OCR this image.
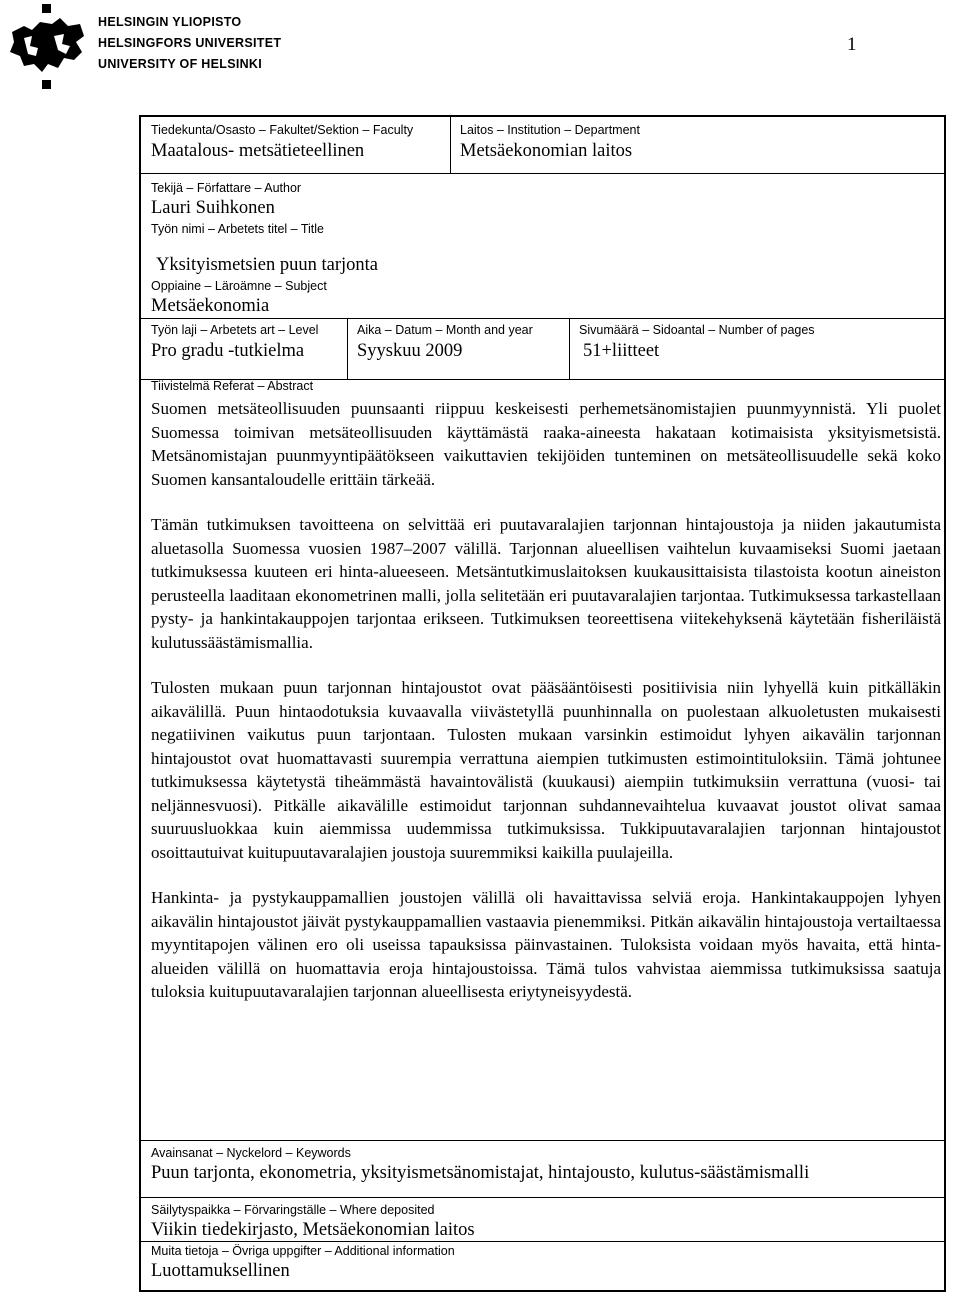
HELSINGIN YLIOPISTO
HELSINGFORS UNIVERSITET
UNIVERSITY OF HELSINKI
1
Tiedekunta/Osasto – Fakultet/Sektion – Faculty
Maatalous- metsätieteellinen
Laitos – Institution – Department
Metsäekonomian laitos
Tekijä – Författare – Author
Lauri Suihkonen
Työn nimi – Arbetets titel – Title
Yksityismetsien puun tarjonta
Oppiaine – Läroämne – Subject
Metsäekonomia
Työn laji – Arbetets art – Level
Pro gradu -tutkielma
Aika – Datum – Month and year
Syyskuu 2009
Sivumäärä – Sidoantal – Number of pages
51+liitteet
Tiivistelmä Referat – Abstract

Suomen metsäteollisuuden puunsaanti riippuu keskeisesti perhemetsänomistajien puunmyynnistä. Yli puolet Suomessa toimivan metsäteollisuuden käyttämästä raaka-aineesta hakataan kotimaisista yksityismetsistä. Metsänomistajan puunmyyntipäätökseen vaikuttavien tekijöiden tunteminen on metsäteollisuudelle sekä koko Suomen kansantaloudelle erittäin tärkeää.

Tämän tutkimuksen tavoitteena on selvittää eri puutavaralajien tarjonnan hintajoustoja ja niiden jakautumista aluetasolla Suomessa vuosien 1987–2007 välillä. Tarjonnan alueellisen vaihtelun kuvaamiseksi Suomi jaetaan tutkimuksessa kuuteen eri hinta-alueeseen. Metsäntutkimuslaitoksen kuukausittaisista tilastoista kootun aineiston perusteella laaditaan ekonometrinen malli, jolla selitetään eri puutavaralajien tarjontaa. Tutkimuksessa tarkastellaan pysty- ja hankintakauppojen tarjontaa erikseen. Tutkimuksen teoreettisena viitekehyksenä käytetään fisheriläistä kulutussäästämismallia.

Tulosten mukaan puun tarjonnan hintajoustot ovat pääsääntöisesti positiivisia niin lyhyellä kuin pitkälläkin aikavälillä. Puun hintaodotuksia kuvaavalla viivästetyllä puunhinnalla on puolestaan alkuoletusten mukaisesti negatiivinen vaikutus puun tarjontaan. Tulosten mukaan varsinkin estimoidut lyhyen aikavälin tarjonnan hintajoustot ovat huomattavasti suurempia verrattuna aiempien tutkimusten estimointituloksiin. Tämä johtunee tutkimuksessa käytetystä tiheämmästä havaintovälistä (kuukausi) aiempiin tutkimuksiin verrattuna (vuosi- tai neljännesvuosi). Pitkälle aikavälille estimoidut tarjonnan suhdannevaihtelua kuvaavat joustot olivat samaa suuruusluokkaa kuin aiemmissa uudemmissa tutkimuksissa. Tukkipuutavaralajien tarjonnan hintajoustot osoittautuivat kuitupuutavaralajien joustoja suuremmiksi kaikilla puulajeilla.

Hankinta- ja pystykauppamallien joustojen välillä oli havaittavissa selviä eroja. Hankintakauppojen lyhyen aikavälin hintajoustot jäivät pystykauppamallien vastaavia pienemmiksi. Pitkän aikavälin hintajoustoja vertailtaessa myyntitapojen välinen ero oli useissa tapauksissa päinvastainen. Tuloksista voidaan myös havaita, että hinta-alueiden välillä on huomattavia eroja hintajoustoissa. Tämä tulos vahvistaa aiemmissa tutkimuksissa saatuja tuloksia kuitupuutavaralajien tarjonnan alueellisesta eriytyneisyydestä.

Avainsanat – Nyckelord – Keywords
Puun tarjonta, ekonometria, yksityismetsänomistajat, hintajousto, kulutus-säästämismalli
Säilytyspaikka – Förvaringställe – Where deposited
Viikin tiedekirjasto, Metsäekonomian laitos
Muita tietoja – Övriga uppgifter – Additional information
Luottamuksellinen
